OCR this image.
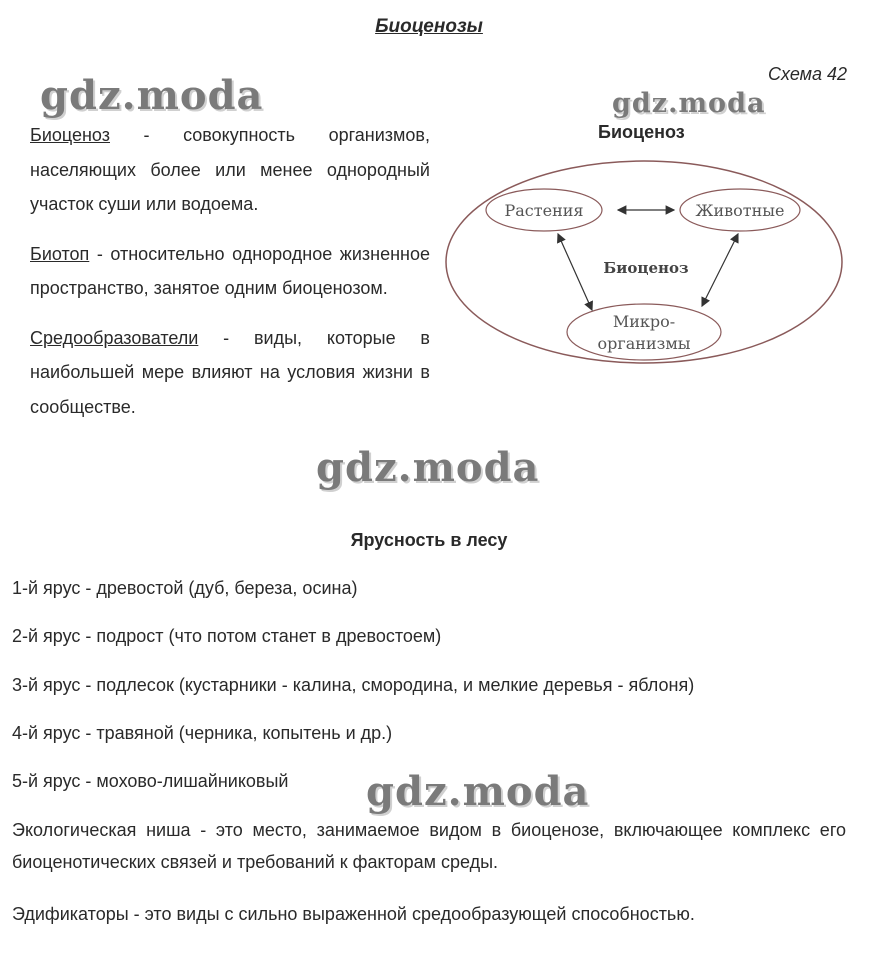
Биоценозы
Схема 42

Биоценоз - совокупность организмов, населяющих более или менее однородный участок суши или водоема.

Биотоп - относительно однородное жизненное пространство, занятое одним биоценозом.

Средообразователи - виды, которые в наибольшей мере влияют на условия жизни в сообществе.

Биоценоз
Растения	Животные
Биоценоз
Микро-
организмы
Ярусность в лесу
1-й ярус - древостой (дуб, береза, осина)
2-й ярус - подрост (что потом станет в древостоем)
3-й ярус - подлесок (кустарники - калина, смородина, и мелкие деревья - яблоня)
4-й ярус - травяной (черника, копытень и др.)
5-й ярус - мохово-лишайниковый
Экологическая ниша - это место, занимаемое видом в биоценозе, включающее комплекс его биоценотических связей и требований к факторам среды.
Эдификаторы - это виды с сильно выраженной средообразующей способностью.
gdz.moda	gdz.moda
gdz.moda
gdz.moda
